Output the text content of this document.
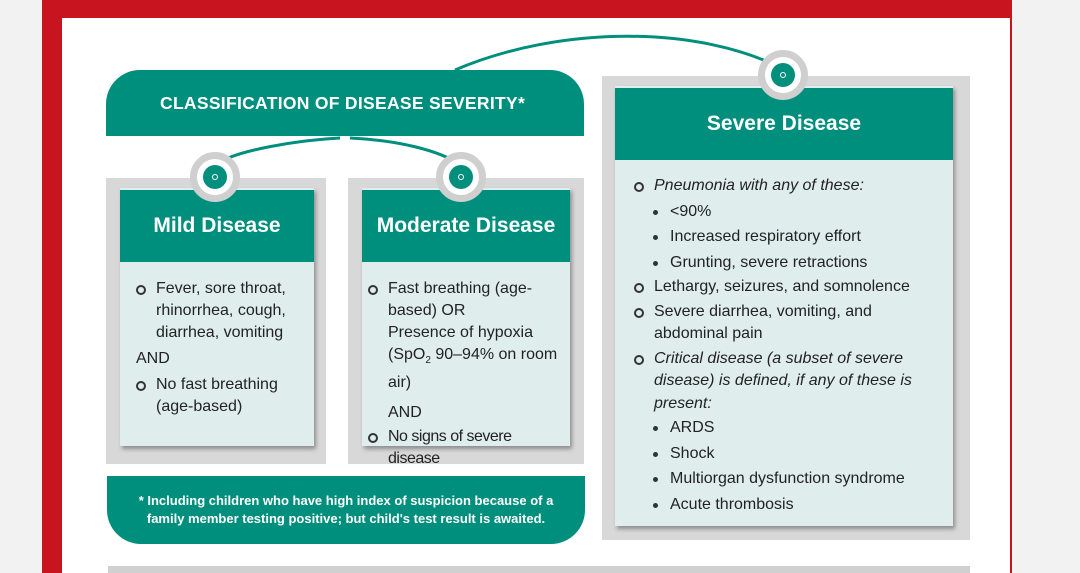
CLASSIFICATION OF DISEASE SEVERITY*
Mild Disease
Fever, sore throat, rhinorrhea, cough, diarrhea, vomiting
AND
No fast breathing (age-based)
Moderate Disease
Fast breathing (age-based) OR
Presence of hypoxia
(SpO$_2$ 90–94% on room air)
AND
No signs of severe disease
Severe Disease
Pneumonia with any of these:
<90%
Increased respiratory effort
Grunting, severe retractions
Lethargy, seizures, and somnolence
Severe diarrhea, vomiting, and abdominal pain
Critical disease (a subset of severe disease) is defined, if any of these is present:
ARDS
Shock
Multiorgan dysfunction syndrome
Acute thrombosis
* Including children who have high index of suspicion because of a family member testing positive; but child's test result is awaited.
